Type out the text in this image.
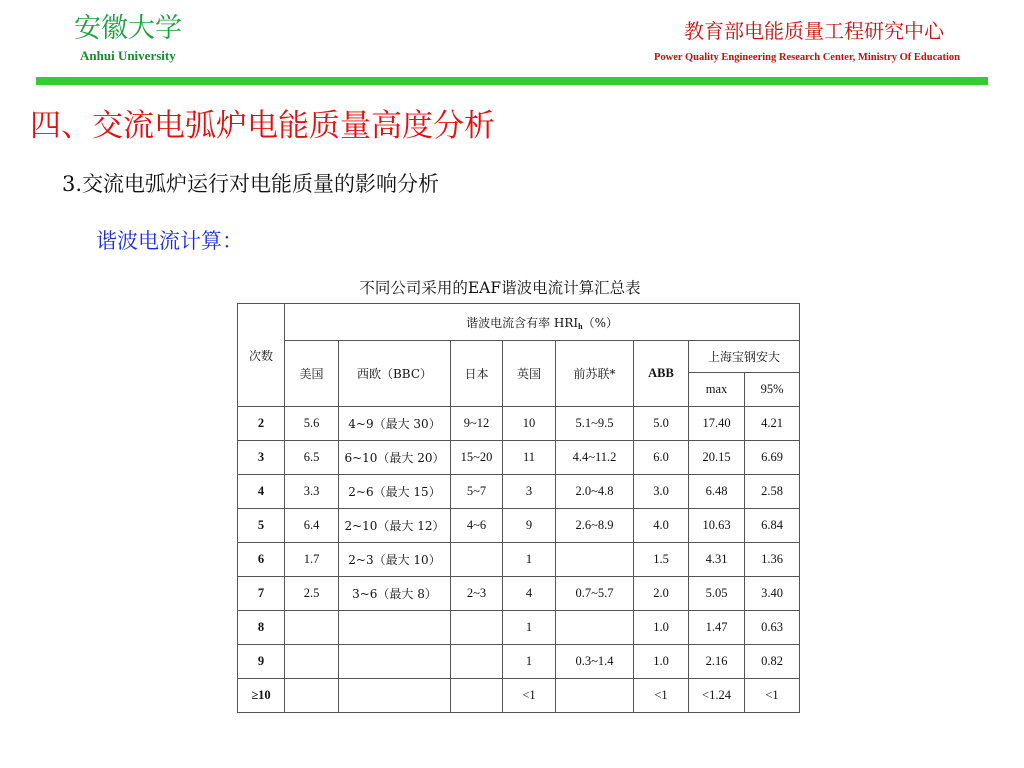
安徽大学
Anhui University
教育部电能质量工程研究中心
Power Quality Engineering Research Center, Ministry Of Education
四、交流电弧炉电能质量高度分析
3.交流电弧炉运行对电能质量的影响分析
谐波电流计算：
不同公司采用的EAF谐波电流计算汇总表
次数	谐波电流含有率 $HRI_h(\%)$							
	美国	西欧（BBC）	日本	英国	前苏联*	ABB	上海宝钢安大	
							max	95%
2	5.6	4~9（最大 30）	9~12	10	5.1~9.5	5.0	17.40	4.21
3	6.5	6~10（最大 20）	15~20	11	4.4~11.2	6.0	20.15	6.69
4	3.3	2~6（最大 15）	5~7	3	2.0~4.8	3.0	6.48	2.58
5	6.4	2~10（最大 12）	4~6	9	2.6~8.9	4.0	10.63	6.84
6	1.7	2~3（最大 10）		1		1.5	4.31	1.36
7	2.5	3~6（最大 8）	2~3	4	0.7~5.7	2.0	5.05	3.40
8				1		1.0	1.47	0.63
9				1	0.3~1.4	1.0	2.16	0.82
≥10				<1		<1	<1.24	<1
